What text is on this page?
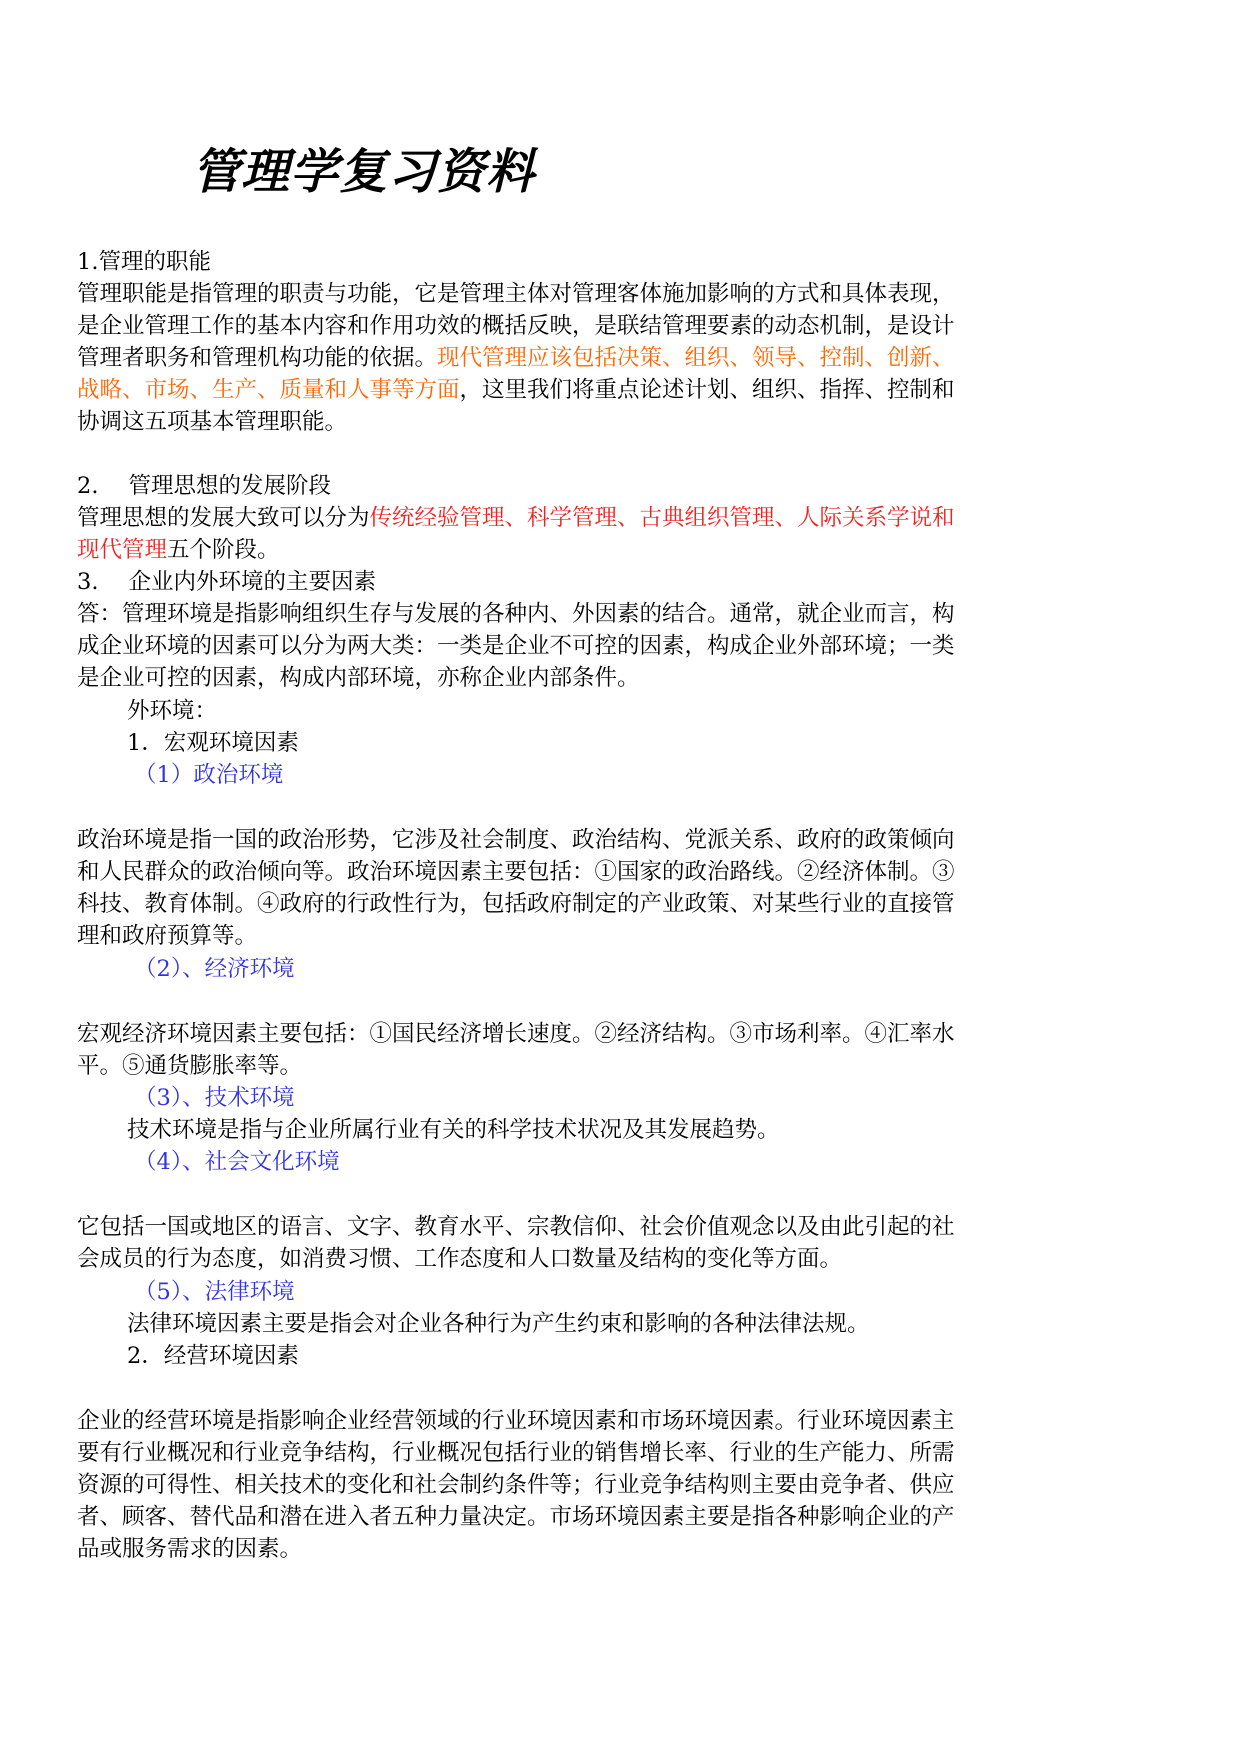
管理学复习资料

1.管理的职能

管理职能是指管理的职责与功能，它是管理主体对管理客体施加影响的方式和具体表现，

是企业管理工作的基本内容和作用功效的概括反映，是联结管理要素的动态机制，是设计

管理者职务和管理机构功能的依据。现代管理应该包括决策、组织、领导、控制、创新、

战略、市场、生产、质量和人事等方面，这里我们将重点论述计划、组织、指挥、控制和

协调这五项基本管理职能。

2. 管理思想的发展阶段

管理思想的发展大致可以分为传统经验管理、科学管理、古典组织管理、人际关系学说和

现代管理五个阶段。

3. 企业内外环境的主要因素

答：管理环境是指影响组织生存与发展的各种内、外因素的结合。通常，就企业而言，构

成企业环境的因素可以分为两大类：一类是企业不可控的因素，构成企业外部环境；一类

是企业可控的因素，构成内部环境，亦称企业内部条件。

外环境：

1．宏观环境因素

（1）政治环境

政治环境是指一国的政治形势，它涉及社会制度、政治结构、党派关系、政府的政策倾向

和人民群众的政治倾向等。政治环境因素主要包括：①国家的政治路线。②经济体制。③

科技、教育体制。④政府的行政性行为，包括政府制定的产业政策、对某些行业的直接管

理和政府预算等。

（2）、经济环境

宏观经济环境因素主要包括：①国民经济增长速度。②经济结构。③市场利率。④汇率水

平。⑤通货膨胀率等。

（3）、技术环境

技术环境是指与企业所属行业有关的科学技术状况及其发展趋势。

（4）、社会文化环境

它包括一国或地区的语言、文字、教育水平、宗教信仰、社会价值观念以及由此引起的社

会成员的行为态度，如消费习惯、工作态度和人口数量及结构的变化等方面。

（5）、法律环境

法律环境因素主要是指会对企业各种行为产生约束和影响的各种法律法规。

2．经营环境因素

企业的经营环境是指影响企业经营领域的行业环境因素和市场环境因素。行业环境因素主

要有行业概况和行业竞争结构，行业概况包括行业的销售增长率、行业的生产能力、所需

资源的可得性、相关技术的变化和社会制约条件等；行业竞争结构则主要由竞争者、供应

者、顾客、替代品和潜在进入者五种力量决定。市场环境因素主要是指各种影响企业的产

品或服务需求的因素。
